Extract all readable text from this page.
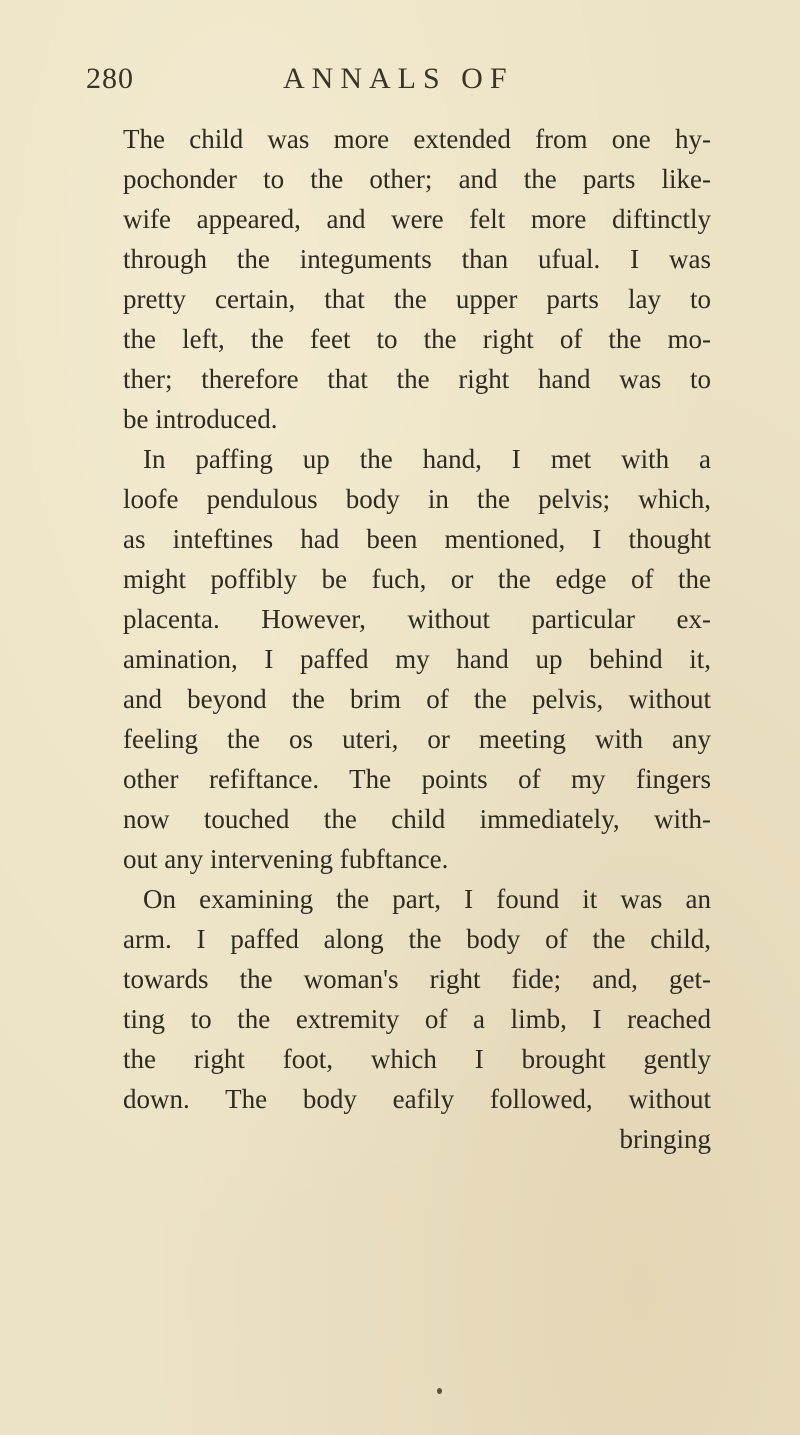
280	ANNALS OF
The child was more extended from one hy-
pochonder to the other; and the parts like-
wife appeared, and were felt more diftinctly
through the integuments than ufual. I was
pretty certain, that the upper parts lay to
the left, the feet to the right of the mo-
ther; therefore that the right hand was to
be introduced.
In paffing up the hand, I met with a
loofe pendulous body in the pelvis; which,
as inteftines had been mentioned, I thought
might poffibly be fuch, or the edge of the
placenta. However, without particular ex-
amination, I paffed my hand up behind it,
and beyond the brim of the pelvis, without
feeling the os uteri, or meeting with any
other refiftance. The points of my fingers
now touched the child immediately, with-
out any intervening fubftance.
On examining the part, I found it was an
arm. I paffed along the body of the child,
towards the woman's right fide; and, get-
ting to the extremity of a limb, I reached
the right foot, which I brought gently
down. The body eafily followed, without
bringing
